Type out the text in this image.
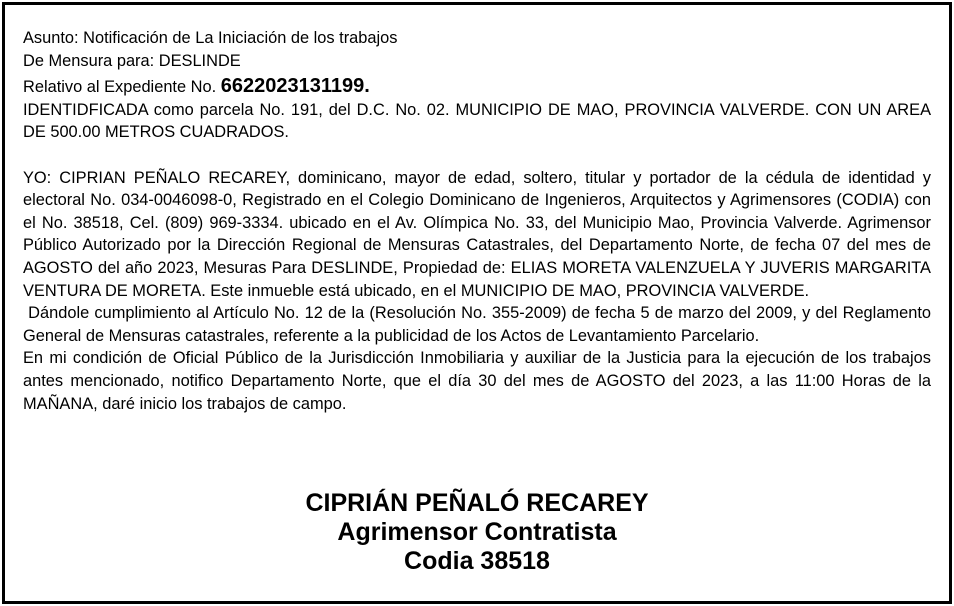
Asunto: Notificación de La Iniciación de los trabajos
De Mensura para: DESLINDE
Relativo al Expediente No. 6622023131199.

IDENTIDFICADA como parcela No. 191, del D.C. No. 02. MUNICIPIO DE MAO, PROVINCIA VALVERDE. CON UN AREA DE 500.00 METROS CUADRADOS.

YO: CIPRIAN PEÑALO RECAREY, dominicano, mayor de edad, soltero, titular y portador de la cédula de identidad y electoral No. 034-0046098-0, Registrado en el Colegio Dominicano de Ingenieros, Arquitectos y Agrimensores (CODIA) con el No. 38518, Cel. (809) 969-3334. ubicado en el Av. Olímpica No. 33, del Municipio Mao, Provincia Valverde. Agrimensor Público Autorizado por la Dirección Regional de Mensuras Catastrales, del Departamento Norte, de fecha 07 del mes de AGOSTO del año 2023, Mesuras Para DESLINDE, Propiedad de: ELIAS MORETA VALENZUELA Y JUVERIS MARGARITA VENTURA DE MORETA. Este inmueble está ubicado, en el MUNICIPIO DE MAO, PROVINCIA VALVERDE.

Dándole cumplimiento al Artículo No. 12 de la (Resolución No. 355-2009) de fecha 5 de marzo del 2009, y del Reglamento General de Mensuras catastrales, referente a la publicidad de los Actos de Levantamiento Parcelario.

En mi condición de Oficial Público de la Jurisdicción Inmobiliaria y auxiliar de la Justicia para la ejecución de los trabajos antes mencionado, notifico Departamento Norte, que el día 30 del mes de AGOSTO del 2023, a las 11:00 Horas de la MAÑANA, daré inicio los trabajos de campo.

CIPRIÁN PEÑALÓ RECAREY
Agrimensor Contratista
Codia 38518
